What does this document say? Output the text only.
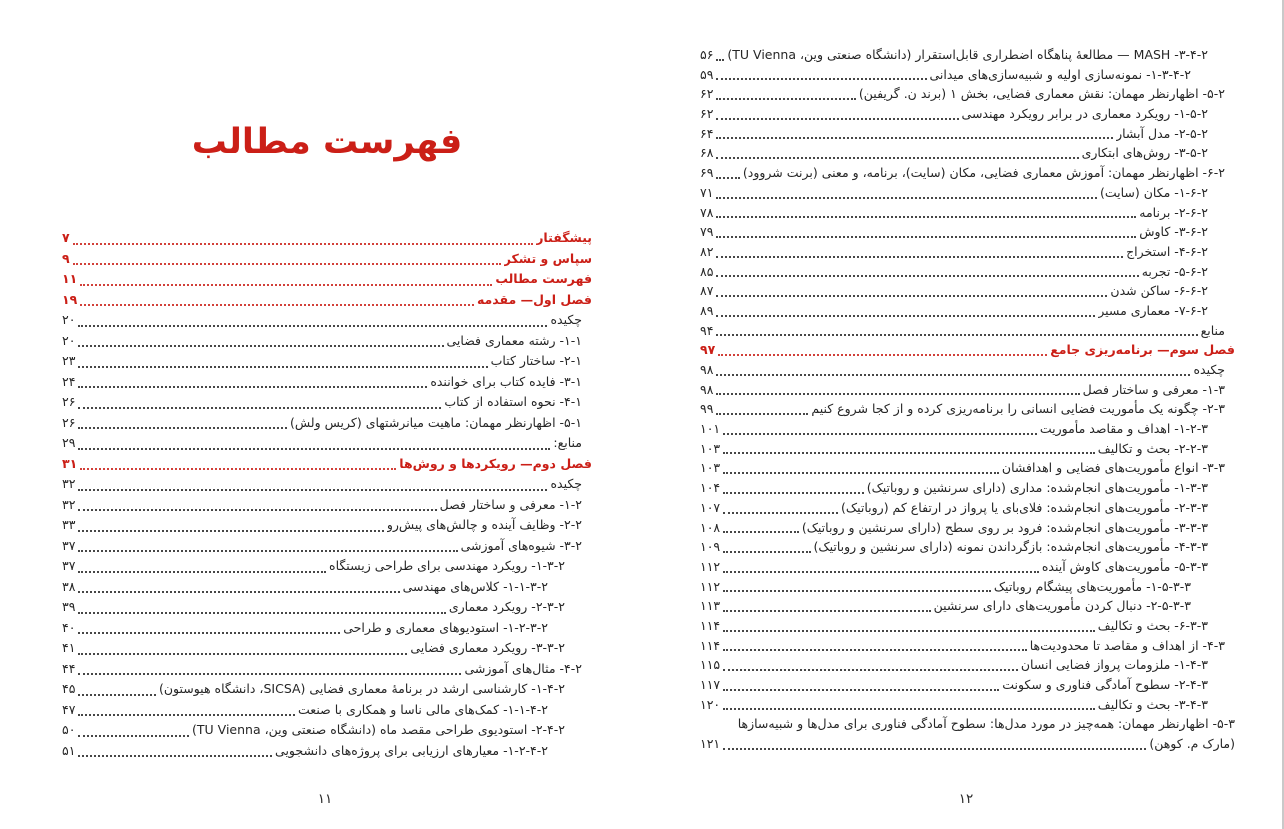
فهرست مطالب
پیشگفتار
۷
سپاس و تشکر
۹
فهرست مطالب
۱۱
فصل اول— مقدمه
۱۹
چکیده
۲۰
۱-‏۱-‏ رشته معماری فضایی
۲۰
۱-‏۲-‏ ساختار کتاب
۲۳
۱-‏۳-‏ فایده کتاب برای خواننده
۲۴
۱-‏۴-‏ نحوه استفاده از کتاب
۲۶
۱-‏۵-‏ اظهارنظر مهمان: ماهیت میانرشتهای (کریس ولش)
۲۶
منابع:
۲۹
فصل دوم— رویکردها و روش‌ها
۳۱
چکیده
۳۲
۲-‏۱-‏ معرفی و ساختار فصل
۳۲
۲-‏۲-‏ وظایف آینده و چالش‌های پیش‌رو
۳۳
۲-‏۳-‏ شیوه‌های آموزشی
۳۷
۲-‏۳-‏۱-‏ رویکرد مهندسی برای طراحی زیستگاه
۳۷
۲-‏۳-‏۱-‏۱-‏ کلاس‌های مهندسی
۳۸
۲-‏۳-‏۲-‏ رویکرد معماری
۳۹
۲-‏۳-‏۲-‏۱-‏ استودیوهای معماری و طراحی
۴۰
۲-‏۳-‏۳-‏ رویکرد معماری فضایی
۴۱
۲-‏۴-‏ مثال‌های آموزشی
۴۴
۲-‏۴-‏۱-‏ کارشناسی ارشد در برنامهٔ معماری فضایی (SICSA، دانشگاه هیوستون)
۴۵
۲-‏۴-‏۱-‏۱-‏ کمک‌های مالی ناسا و همکاری با صنعت
۴۷
۲-‏۴-‏۲-‏ استودیوی طراحی مقصد ماه (دانشگاه صنعتی وین، TU Vienna)
۵۰
۲-‏۴-‏۲-‏۱-‏ معیارهای ارزیابی برای پروژه‌های دانشجویی
۵۱
۱۱
۲-‏۴-‏۳-‏ MASH — مطالعهٔ پناهگاه اضطراری قابل‌استقرار (دانشگاه صنعتی وین، TU Vienna)
۵۶
۲-‏۴-‏۳-‏۱-‏ نمونه‌سازی اولیه و شبیه‌سازی‌های میدانی
۵۹
۲-‏۵-‏ اظهارنظر مهمان: نقش معماری فضایی، بخش ۱ (برند ن. گریفین)
۶۲
۲-‏۵-‏۱-‏ رویکرد معماری در برابر رویکرد مهندسی
۶۲
۲-‏۵-‏۲-‏ مدل آبشار
۶۴
۲-‏۵-‏۳-‏ روش‌های ابتکاری
۶۸
۲-‏۶-‏ اظهارنظر مهمان: آموزش معماری فضایی، مکان (سایت)، برنامه، و معنی (برنت شروود)
۶۹
۲-‏۶-‏۱-‏ مکان (سایت)
۷۱
۲-‏۶-‏۲-‏ برنامه
۷۸
۲-‏۶-‏۳-‏ کاوش
۷۹
۲-‏۶-‏۴-‏ استخراج
۸۲
۲-‏۶-‏۵-‏ تجربه
۸۵
۲-‏۶-‏۶-‏ ساکن شدن
۸۷
۲-‏۶-‏۷-‏ معماری مسیر
۸۹
منابع
۹۴
فصل سوم— برنامه‌ریزی جامع
۹۷
چکیده
۹۸
۳-‏۱-‏ معرفی و ساختار فصل
۹۸
۳-‏۲-‏ چگونه یک مأموریت فضایی انسانی را برنامه‌ریزی کرده و از کجا شروع کنیم
۹۹
۳-‏۲-‏۱-‏ اهداف و مقاصد مأموریت
۱۰۱
۳-‏۲-‏۲-‏ بحث و تکالیف
۱۰۳
۳-‏۳-‏ انواع مأموریت‌های فضایی و اهدافشان
۱۰۳
۳-‏۳-‏۱-‏ مأموریت‌های انجام‌شده: مداری (دارای سرنشین و روباتیک)
۱۰۴
۳-‏۳-‏۲-‏ مأموریت‌های انجام‌شده: فلای‌بای یا پرواز در ارتفاع کم (روباتیک)
۱۰۷
۳-‏۳-‏۳-‏ مأموریت‌های انجام‌شده: فرود بر روی سطح (دارای سرنشین و روباتیک)
۱۰۸
۳-‏۳-‏۴-‏ مأموریت‌های انجام‌شده: بازگرداندن نمونه (دارای سرنشین و روباتیک)
۱۰۹
۳-‏۳-‏۵-‏ مأموریت‌های کاوش آینده
۱۱۲
۳-‏۳-‏۵-‏۱-‏ مأموریت‌های پیشگام روباتیک
۱۱۲
۳-‏۳-‏۵-‏۲-‏ دنبال کردن مأموریت‌های دارای سرنشین
۱۱۳
۳-‏۳-‏۶-‏ بحث و تکالیف
۱۱۴
۳-‏۴-‏ از اهداف و مقاصد تا محدودیت‌ها
۱۱۴
۳-‏۴-‏۱-‏ ملزومات پرواز فضایی انسان
۱۱۵
۳-‏۴-‏۲-‏ سطوح آمادگی فناوری و سکونت
۱۱۷
۳-‏۴-‏۳-‏ بحث و تکالیف
۱۲۰
۳-‏۵-‏ اظهارنظر مهمان: همه‌چیز در مورد مدل‌ها: سطوح آمادگی فناوری برای مدل‌ها و شبیه‌سازها
(مارک م. کوهن)
۱۲۱
۱۲
